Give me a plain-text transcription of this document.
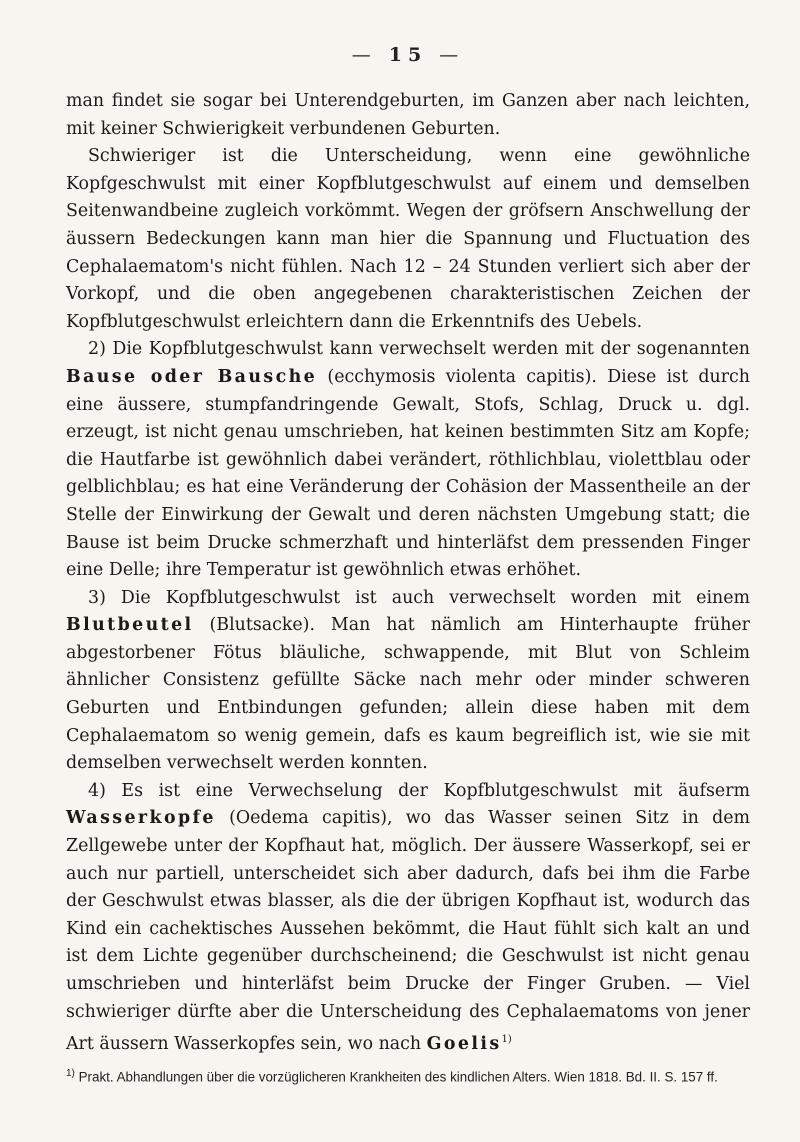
— 15 —

man findet sie sogar bei Unterendgeburten, im Ganzen aber nach leichten, mit keiner Schwierigkeit verbundenen Geburten.

Schwieriger ist die Unterscheidung, wenn eine gewöhnliche Kopfgeschwulst mit einer Kopfblutgeschwulst auf einem und demselben Seitenwandbeine zugleich vorkömmt. Wegen der gröfsern Anschwellung der äussern Bedeckungen kann man hier die Spannung und Fluctuation des Cephalaematom's nicht fühlen. Nach 12 – 24 Stunden verliert sich aber der Vorkopf, und die oben angegebenen charakteristischen Zeichen der Kopfblutgeschwulst erleichtern dann die Erkenntnifs des Uebels.

2) Die Kopfblutgeschwulst kann verwechselt werden mit der sogenannten Bause oder Bausche (ecchymosis violenta capitis). Diese ist durch eine äussere, stumpfandringende Gewalt, Stofs, Schlag, Druck u. dgl. erzeugt, ist nicht genau umschrieben, hat keinen bestimmten Sitz am Kopfe; die Hautfarbe ist gewöhnlich dabei verändert, röthlichblau, violettblau oder gelblichblau; es hat eine Veränderung der Cohäsion der Massentheile an der Stelle der Einwirkung der Gewalt und deren nächsten Umgebung statt; die Bause ist beim Drucke schmerzhaft und hinterläfst dem pressenden Finger eine Delle; ihre Temperatur ist gewöhnlich etwas erhöhet.

3) Die Kopfblutgeschwulst ist auch verwechselt worden mit einem Blutbeutel (Blutsacke). Man hat nämlich am Hinterhaupte früher abgestorbener Fötus bläuliche, schwappende, mit Blut von Schleim ähnlicher Consistenz gefüllte Säcke nach mehr oder minder schweren Geburten und Entbindungen gefunden; allein diese haben mit dem Cephalaematom so wenig gemein, dafs es kaum begreiflich ist, wie sie mit demselben verwechselt werden konnten.

4) Es ist eine Verwechselung der Kopfblutgeschwulst mit äufserm Wasserkopfe (Oedema capitis), wo das Wasser seinen Sitz in dem Zellgewebe unter der Kopfhaut hat, möglich. Der äussere Wasserkopf, sei er auch nur partiell, unterscheidet sich aber dadurch, dafs bei ihm die Farbe der Geschwulst etwas blasser, als die der übrigen Kopfhaut ist, wodurch das Kind ein cachektisches Aussehen bekömmt, die Haut fühlt sich kalt an und ist dem Lichte gegenüber durchscheinend; die Geschwulst ist nicht genau umschrieben und hinterläfst beim Drucke der Finger Gruben. — Viel schwieriger dürfte aber die Unterscheidung des Cephalaematoms von jener Art äussern Wasserkopfes sein, wo nach Goelis$^{1)}$

$^{1)}$ Prakt. Abhandlungen über die vorzüglicheren Krankheiten des kindlichen Alters. Wien 1818. Bd. II. S. 157 ff.
